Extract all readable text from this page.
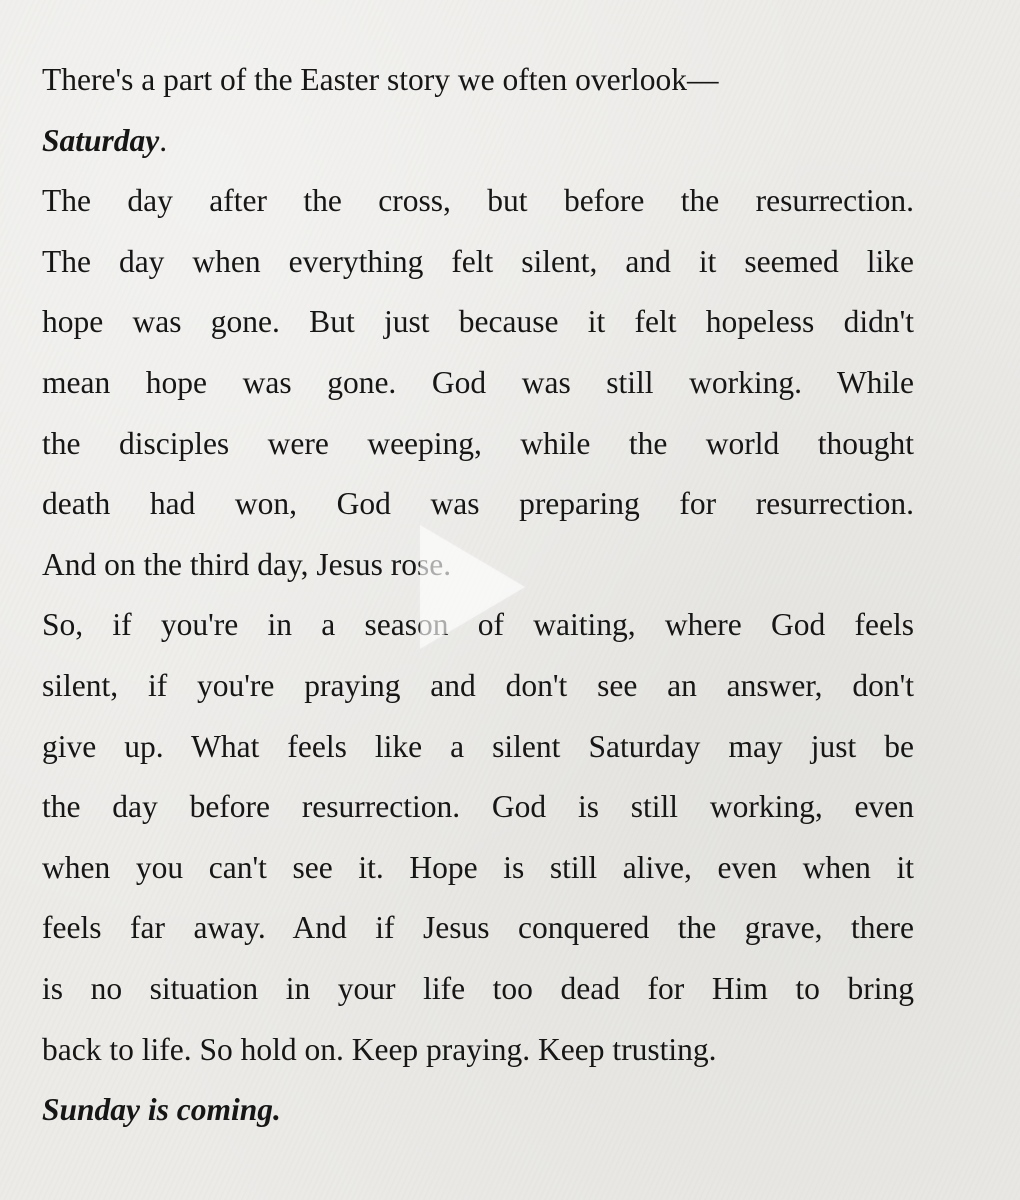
There's a part of the Easter story we often overlook—
Saturday.
The day after the cross, but before the resurrection.
The day when everything felt silent, and it seemed like
hope was gone. But just because it felt hopeless didn't
mean hope was gone. God was still working. While
the disciples were weeping, while the world thought
death had won, God was preparing for resurrection.
And on the third day, Jesus rose.
So, if you're in a season of waiting, where God feels
silent, if you're praying and don't see an answer, don't
give up. What feels like a silent Saturday may just be
the day before resurrection. God is still working, even
when you can't see it. Hope is still alive, even when it
feels far away. And if Jesus conquered the grave, there
is no situation in your life too dead for Him to bring
back to life. So hold on. Keep praying. Keep trusting.
Sunday is coming.
